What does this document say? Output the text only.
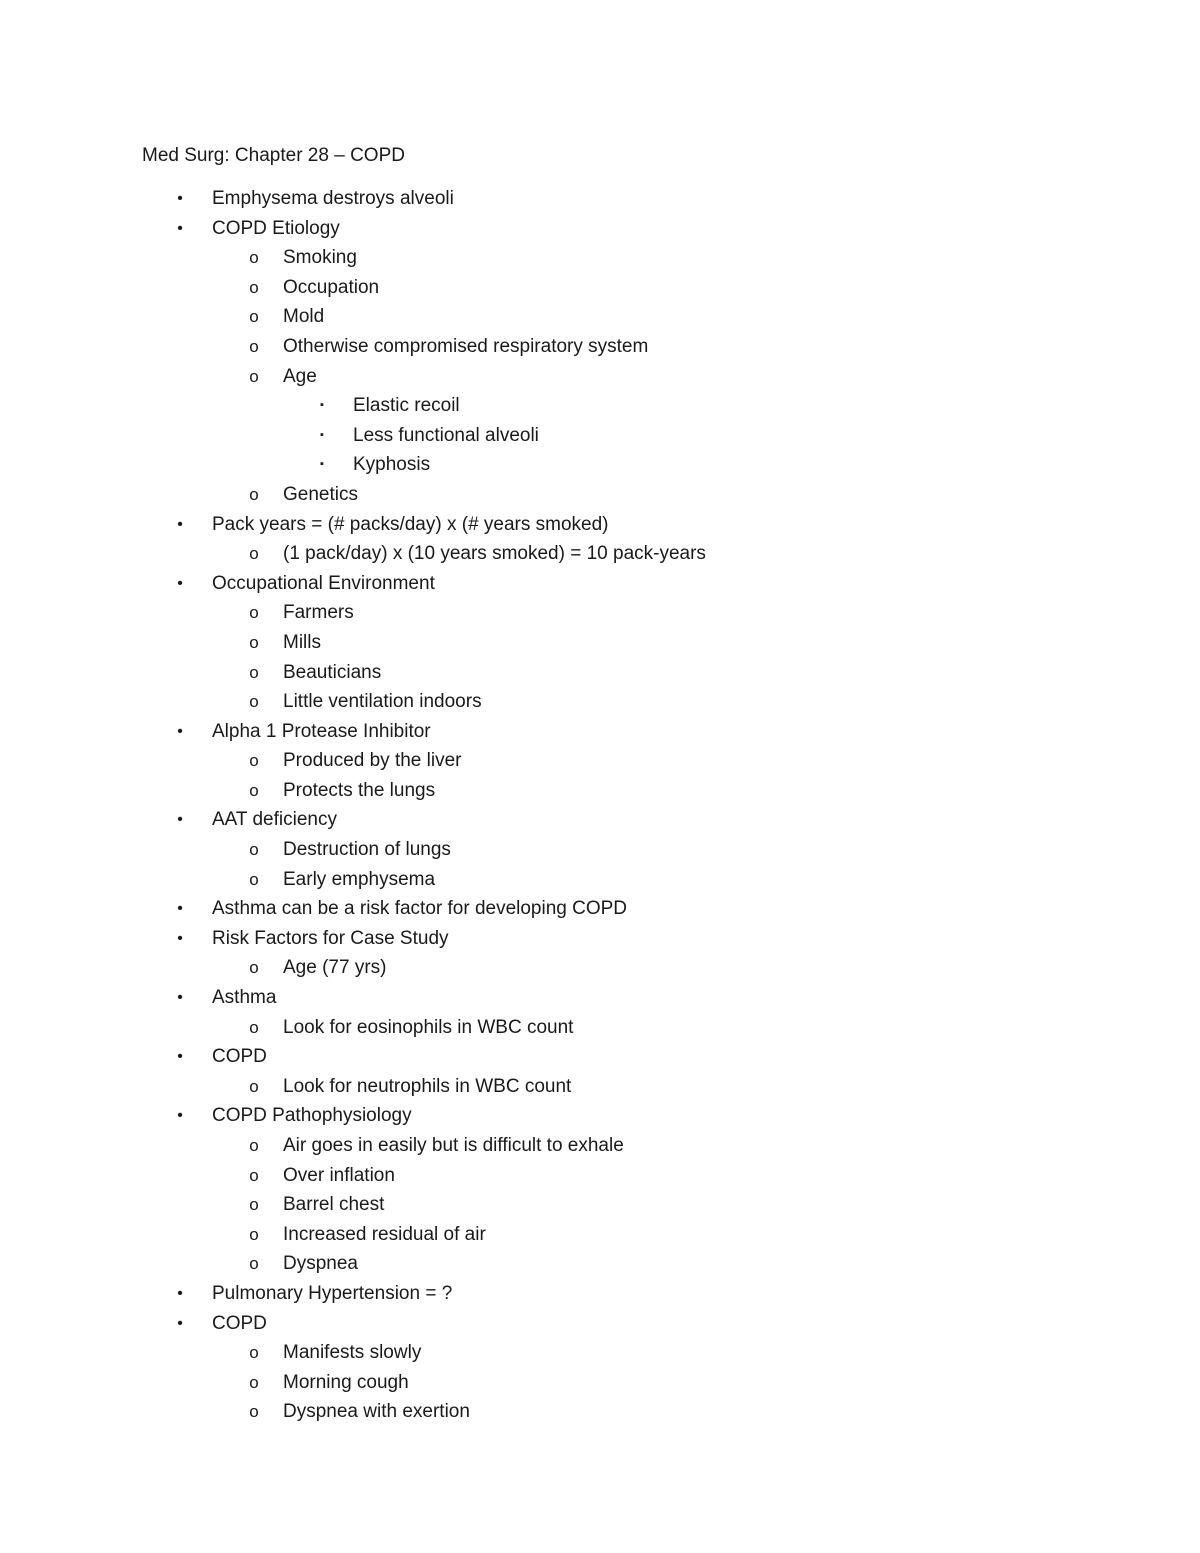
Med Surg: Chapter 28 – COPD
•	Emphysema destroys alveoli
•	COPD Etiology
o Smoking
o Occupation
o Mold
o Otherwise compromised respiratory system
o Age
▪	Elastic recoil
▪	Less functional alveoli
▪	Kyphosis
o Genetics
•	Pack years = (# packs/day) x (# years smoked)
o (1 pack/day) x (10 years smoked) = 10 pack-years
•	Occupational Environment
o Farmers
o Mills
o Beauticians
o Little ventilation indoors
•	Alpha 1 Protease Inhibitor
o Produced by the liver
o Protects the lungs
•	AAT deficiency
o Destruction of lungs
o Early emphysema
•	Asthma can be a risk factor for developing COPD
•	Risk Factors for Case Study
o Age (77 yrs)
•	Asthma
o Look for eosinophils in WBC count
•	COPD
o Look for neutrophils in WBC count
•	COPD Pathophysiology
o Air goes in easily but is difficult to exhale
o Over inflation
o Barrel chest
o Increased residual of air
o Dyspnea
•	Pulmonary Hypertension = ?
•	COPD
o Manifests slowly
o Morning cough
o Dyspnea with exertion
